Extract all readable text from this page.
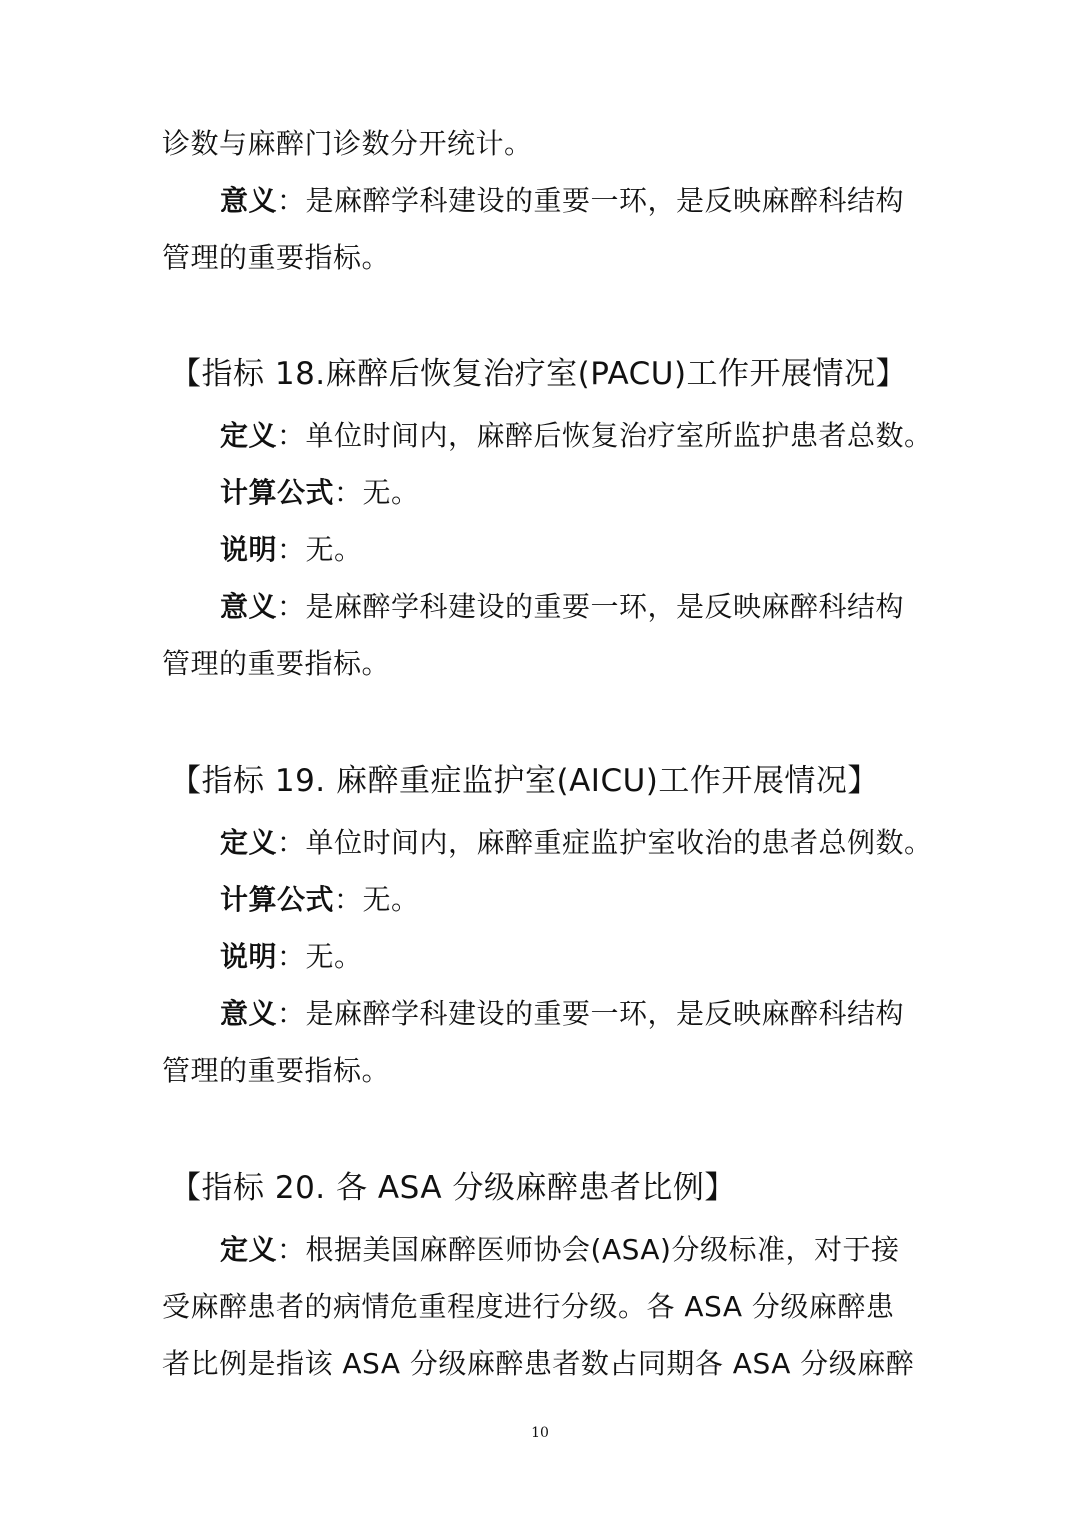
诊数与麻醉门诊数分开统计。
意义：是麻醉学科建设的重要一环，是反映麻醉科结构
管理的重要指标。
【指标 18.麻醉后恢复治疗室(PACU)工作开展情况】
定义：单位时间内，麻醉后恢复治疗室所监护患者总数。
计算公式：无。
说明：无。
意义：是麻醉学科建设的重要一环，是反映麻醉科结构
管理的重要指标。
【指标 19. 麻醉重症监护室(AICU)工作开展情况】
定义：单位时间内，麻醉重症监护室收治的患者总例数。
计算公式：无。
说明：无。
意义：是麻醉学科建设的重要一环，是反映麻醉科结构
管理的重要指标。
【指标 20. 各 ASA 分级麻醉患者比例】
定义：根据美国麻醉医师协会(ASA)分级标准，对于接
受麻醉患者的病情危重程度进行分级。各 ASA 分级麻醉患
者比例是指该 ASA 分级麻醉患者数占同期各 ASA 分级麻醉
10
